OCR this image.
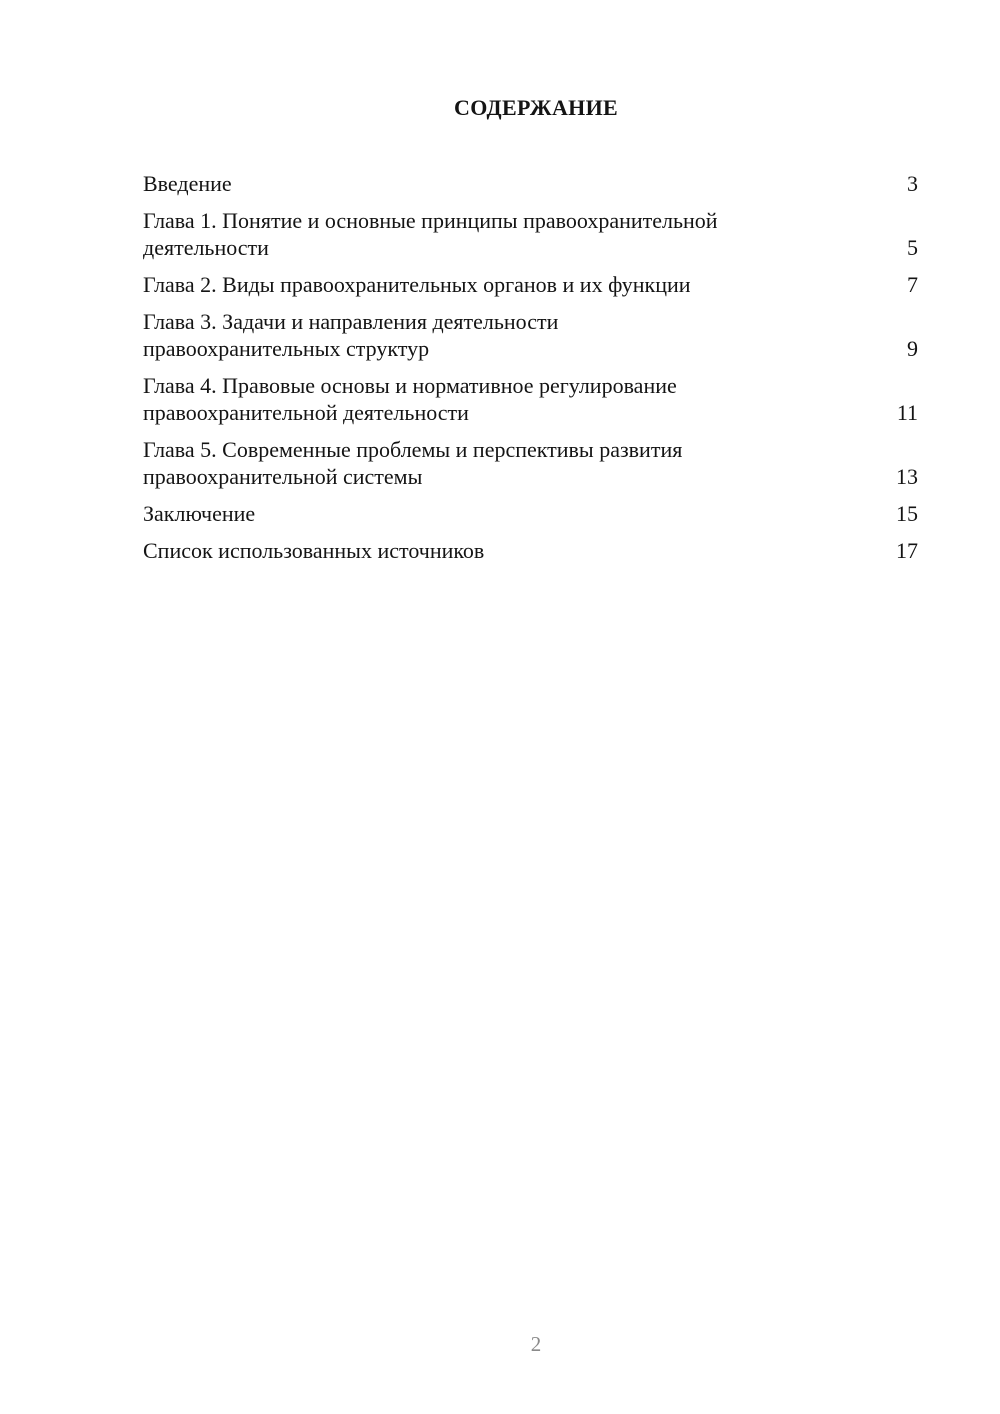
СОДЕРЖАНИЕ
Введение	3
Глава 1. Понятие и основные принципы правоохранительной
деятельности	5
Глава 2. Виды правоохранительных органов и их функции	7
Глава 3. Задачи и направления деятельности
правоохранительных структур	9
Глава 4. Правовые основы и нормативное регулирование
правоохранительной деятельности	11
Глава 5. Современные проблемы и перспективы развития
правоохранительной системы	13
Заключение	15
Список использованных источников	17
2
